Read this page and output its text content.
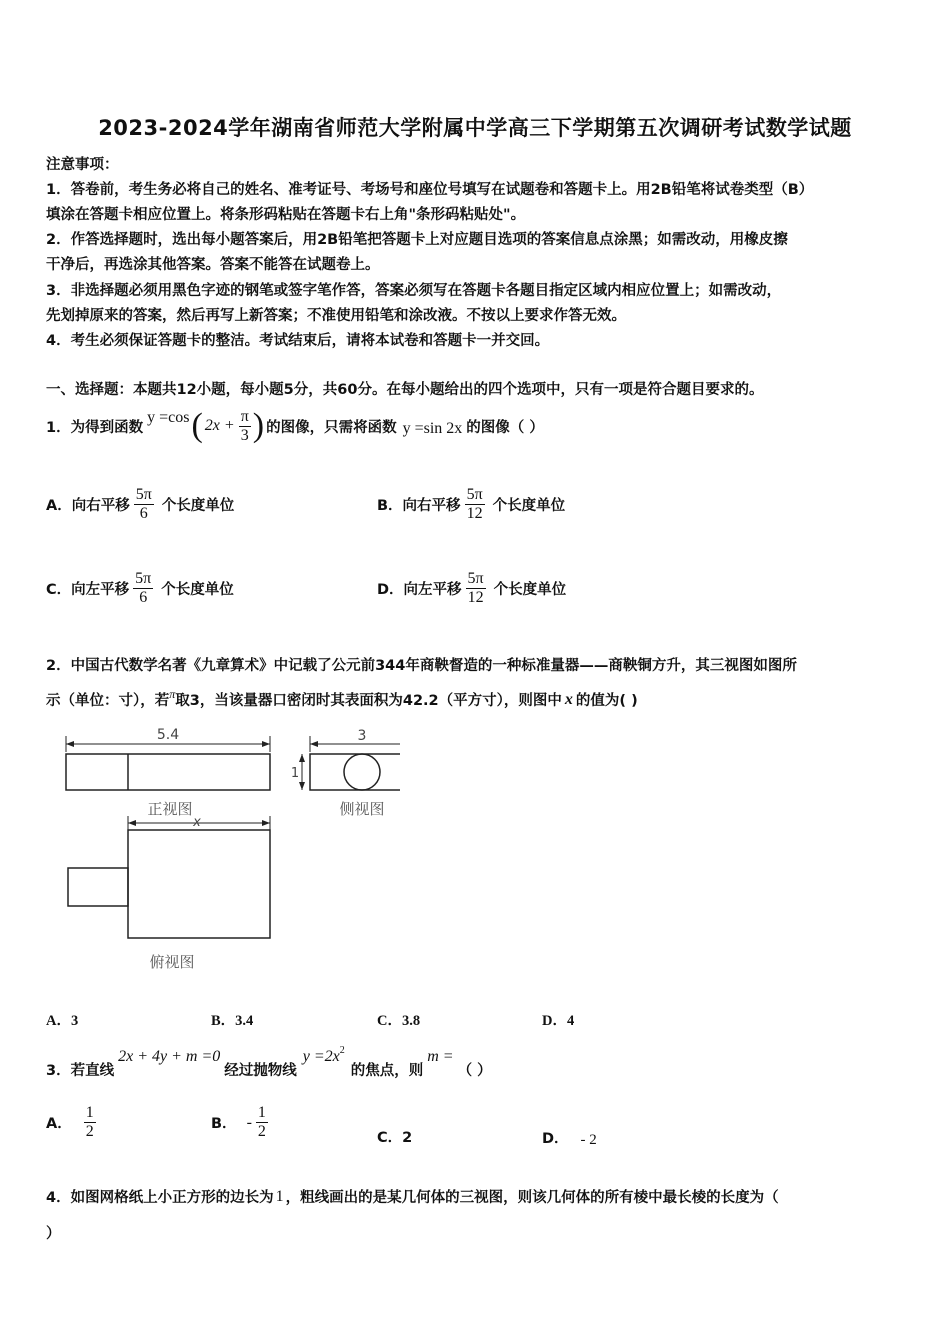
2023-2024学年湖南省师范大学附属中学高三下学期第五次调研考试数学试题
注意事项：
1．答卷前，考生务必将自己的姓名、准考证号、考场号和座位号填写在试题卷和答题卡上。用2B铅笔将试卷类型（B）
填涂在答题卡相应位置上。将条形码粘贴在答题卡右上角"条形码粘贴处"。
2．作答选择题时，选出每小题答案后，用2B铅笔把答题卡上对应题目选项的答案信息点涂黑；如需改动，用橡皮擦
干净后，再选涂其他答案。答案不能答在试题卷上。
3．非选择题必须用黑色字迹的钢笔或签字笔作答，答案必须写在答题卡各题目指定区域内相应位置上；如需改动，
先划掉原来的答案，然后再写上新答案；不准使用铅笔和涂改液。不按以上要求作答无效。
4．考生必须保证答题卡的整洁。考试结束后，请将本试卷和答题卡一并交回。
一、选择题：本题共12小题，每小题5分，共60分。在每小题给出的四个选项中，只有一项是符合题目要求的。
1．为得到函数
y =cos ( $2x + \frac{\pi}{3}$ ) 的图像，只需将函数 y =sin 2x 的图像（ ）
A．向右平移 $\frac{5\pi}{6}$ 个长度单位	B．向右平移 $\frac{5\pi}{12}$ 个长度单位
C．向左平移 $\frac{5\pi}{6}$ 个长度单位	D．向左平移 $\frac{5\pi}{12}$ 个长度单位
2．中国古代数学名著《九章算术》中记载了公元前344年商鞅督造的一种标准量器——商鞅铜方升，其三视图如图所
示（单位：寸），若 π 取3，当该量器口密闭时其表面积为42.2（平方寸），则图中 x 的值为( )
5.4
正视图
3
1
侧视图
x
俯视图
A．3	B．3.4	C．3.8	D．4
3．若直线
2x + 4y + m =0
经过抛物线
y =2x 2
的焦点，则
m =
（ ）
A． $\frac{1}{2}$	B． - $\frac{1}{2}$	C．2	D． - 2
4．如图网格纸上小正方形的边长为 1 ，粗线画出的是某几何体的三视图，则该几何体的所有棱中最长棱的长度为（
）
